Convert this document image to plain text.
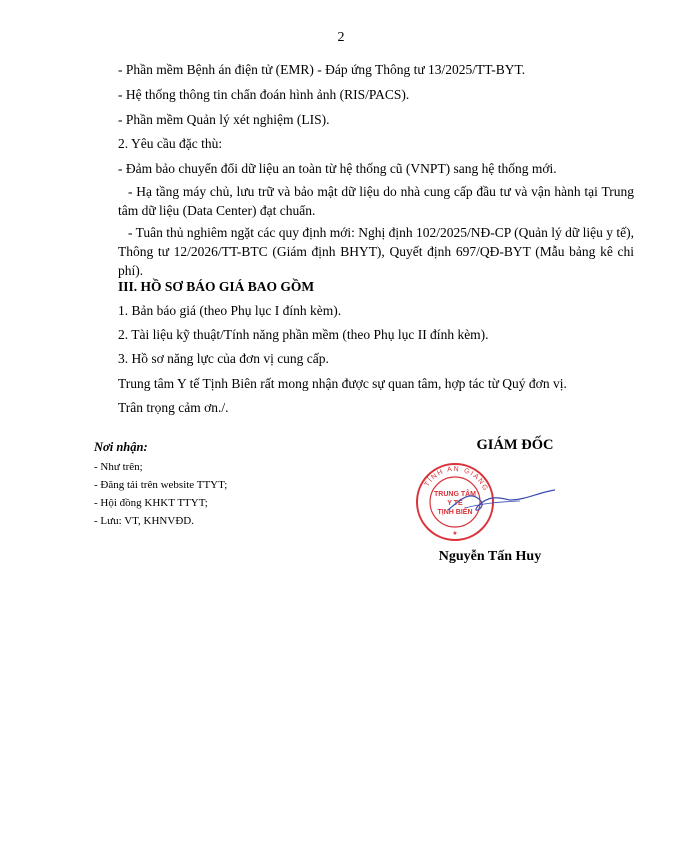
2
- Phần mềm Bệnh án điện tử (EMR) - Đáp ứng Thông tư 13/2025/TT-BYT.
- Hệ thống thông tin chẩn đoán hình ảnh (RIS/PACS).
- Phần mềm Quản lý xét nghiệm (LIS).
2. Yêu cầu đặc thù:
- Đảm bảo chuyển đổi dữ liệu an toàn từ hệ thống cũ (VNPT) sang hệ thống mới.
- Hạ tầng máy chủ, lưu trữ và bảo mật dữ liệu do nhà cung cấp đầu tư và vận hành tại Trung tâm dữ liệu (Data Center) đạt chuẩn.
- Tuân thủ nghiêm ngặt các quy định mới: Nghị định 102/2025/NĐ-CP (Quản lý dữ liệu y tế), Thông tư 12/2026/TT-BTC (Giám định BHYT), Quyết định 697/QĐ-BYT (Mẫu bảng kê chi phí).
III. HỒ SƠ BÁO GIÁ BAO GỒM
1. Bản báo giá (theo Phụ lục I đính kèm).
2. Tài liệu kỹ thuật/Tính năng phần mềm (theo Phụ lục II đính kèm).
3. Hồ sơ năng lực của đơn vị cung cấp.
Trung tâm Y tế Tịnh Biên rất mong nhận được sự quan tâm, hợp tác từ Quý đơn vị.
Trân trọng cảm ơn./.
Nơi nhận:
- Như trên;
- Đăng tải trên website TTYT;
- Hội đồng KHKT TTYT;
- Lưu: VT, KHNVĐD.
GIÁM ĐỐC
TỈNH AN GIANG
TRUNG TÂM
Y TẾ
TỊNH BIÊN
★
Nguyễn Tấn Huy
